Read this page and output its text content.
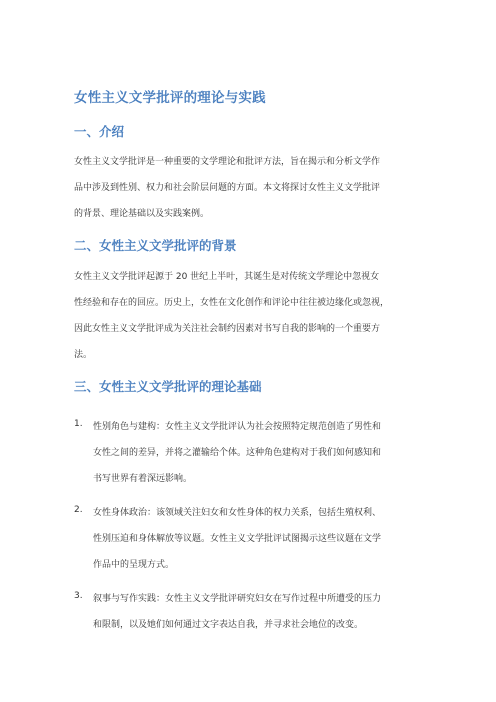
女性主义文学批评的理论与实践
一、介绍
女性主义文学批评是一种重要的文学理论和批评方法，旨在揭示和分析文学作
品中涉及到性别、权力和社会阶层问题的方面。本文将探讨女性主义文学批评
的背景、理论基础以及实践案例。
二、女性主义文学批评的背景
女性主义文学批评起源于 20 世纪上半叶，其诞生是对传统文学理论中忽视女
性经验和存在的回应。历史上，女性在文化创作和评论中往往被边缘化或忽视，
因此女性主义文学批评成为关注社会制约因素对书写自我的影响的一个重要方
法。
三、女性主义文学批评的理论基础
1. 性别角色与建构：女性主义文学批评认为社会按照特定规范创造了男性和
女性之间的差异，并将之灌输给个体。这种角色建构对于我们如何感知和
书写世界有着深远影响。
2. 女性身体政治：该领域关注妇女和女性身体的权力关系，包括生殖权利、
性别压迫和身体解放等议题。女性主义文学批评试图揭示这些议题在文学
作品中的呈现方式。
3. 叙事与写作实践：女性主义文学批评研究妇女在写作过程中所遭受的压力
和限制，以及她们如何通过文字表达自我，并寻求社会地位的改变。
